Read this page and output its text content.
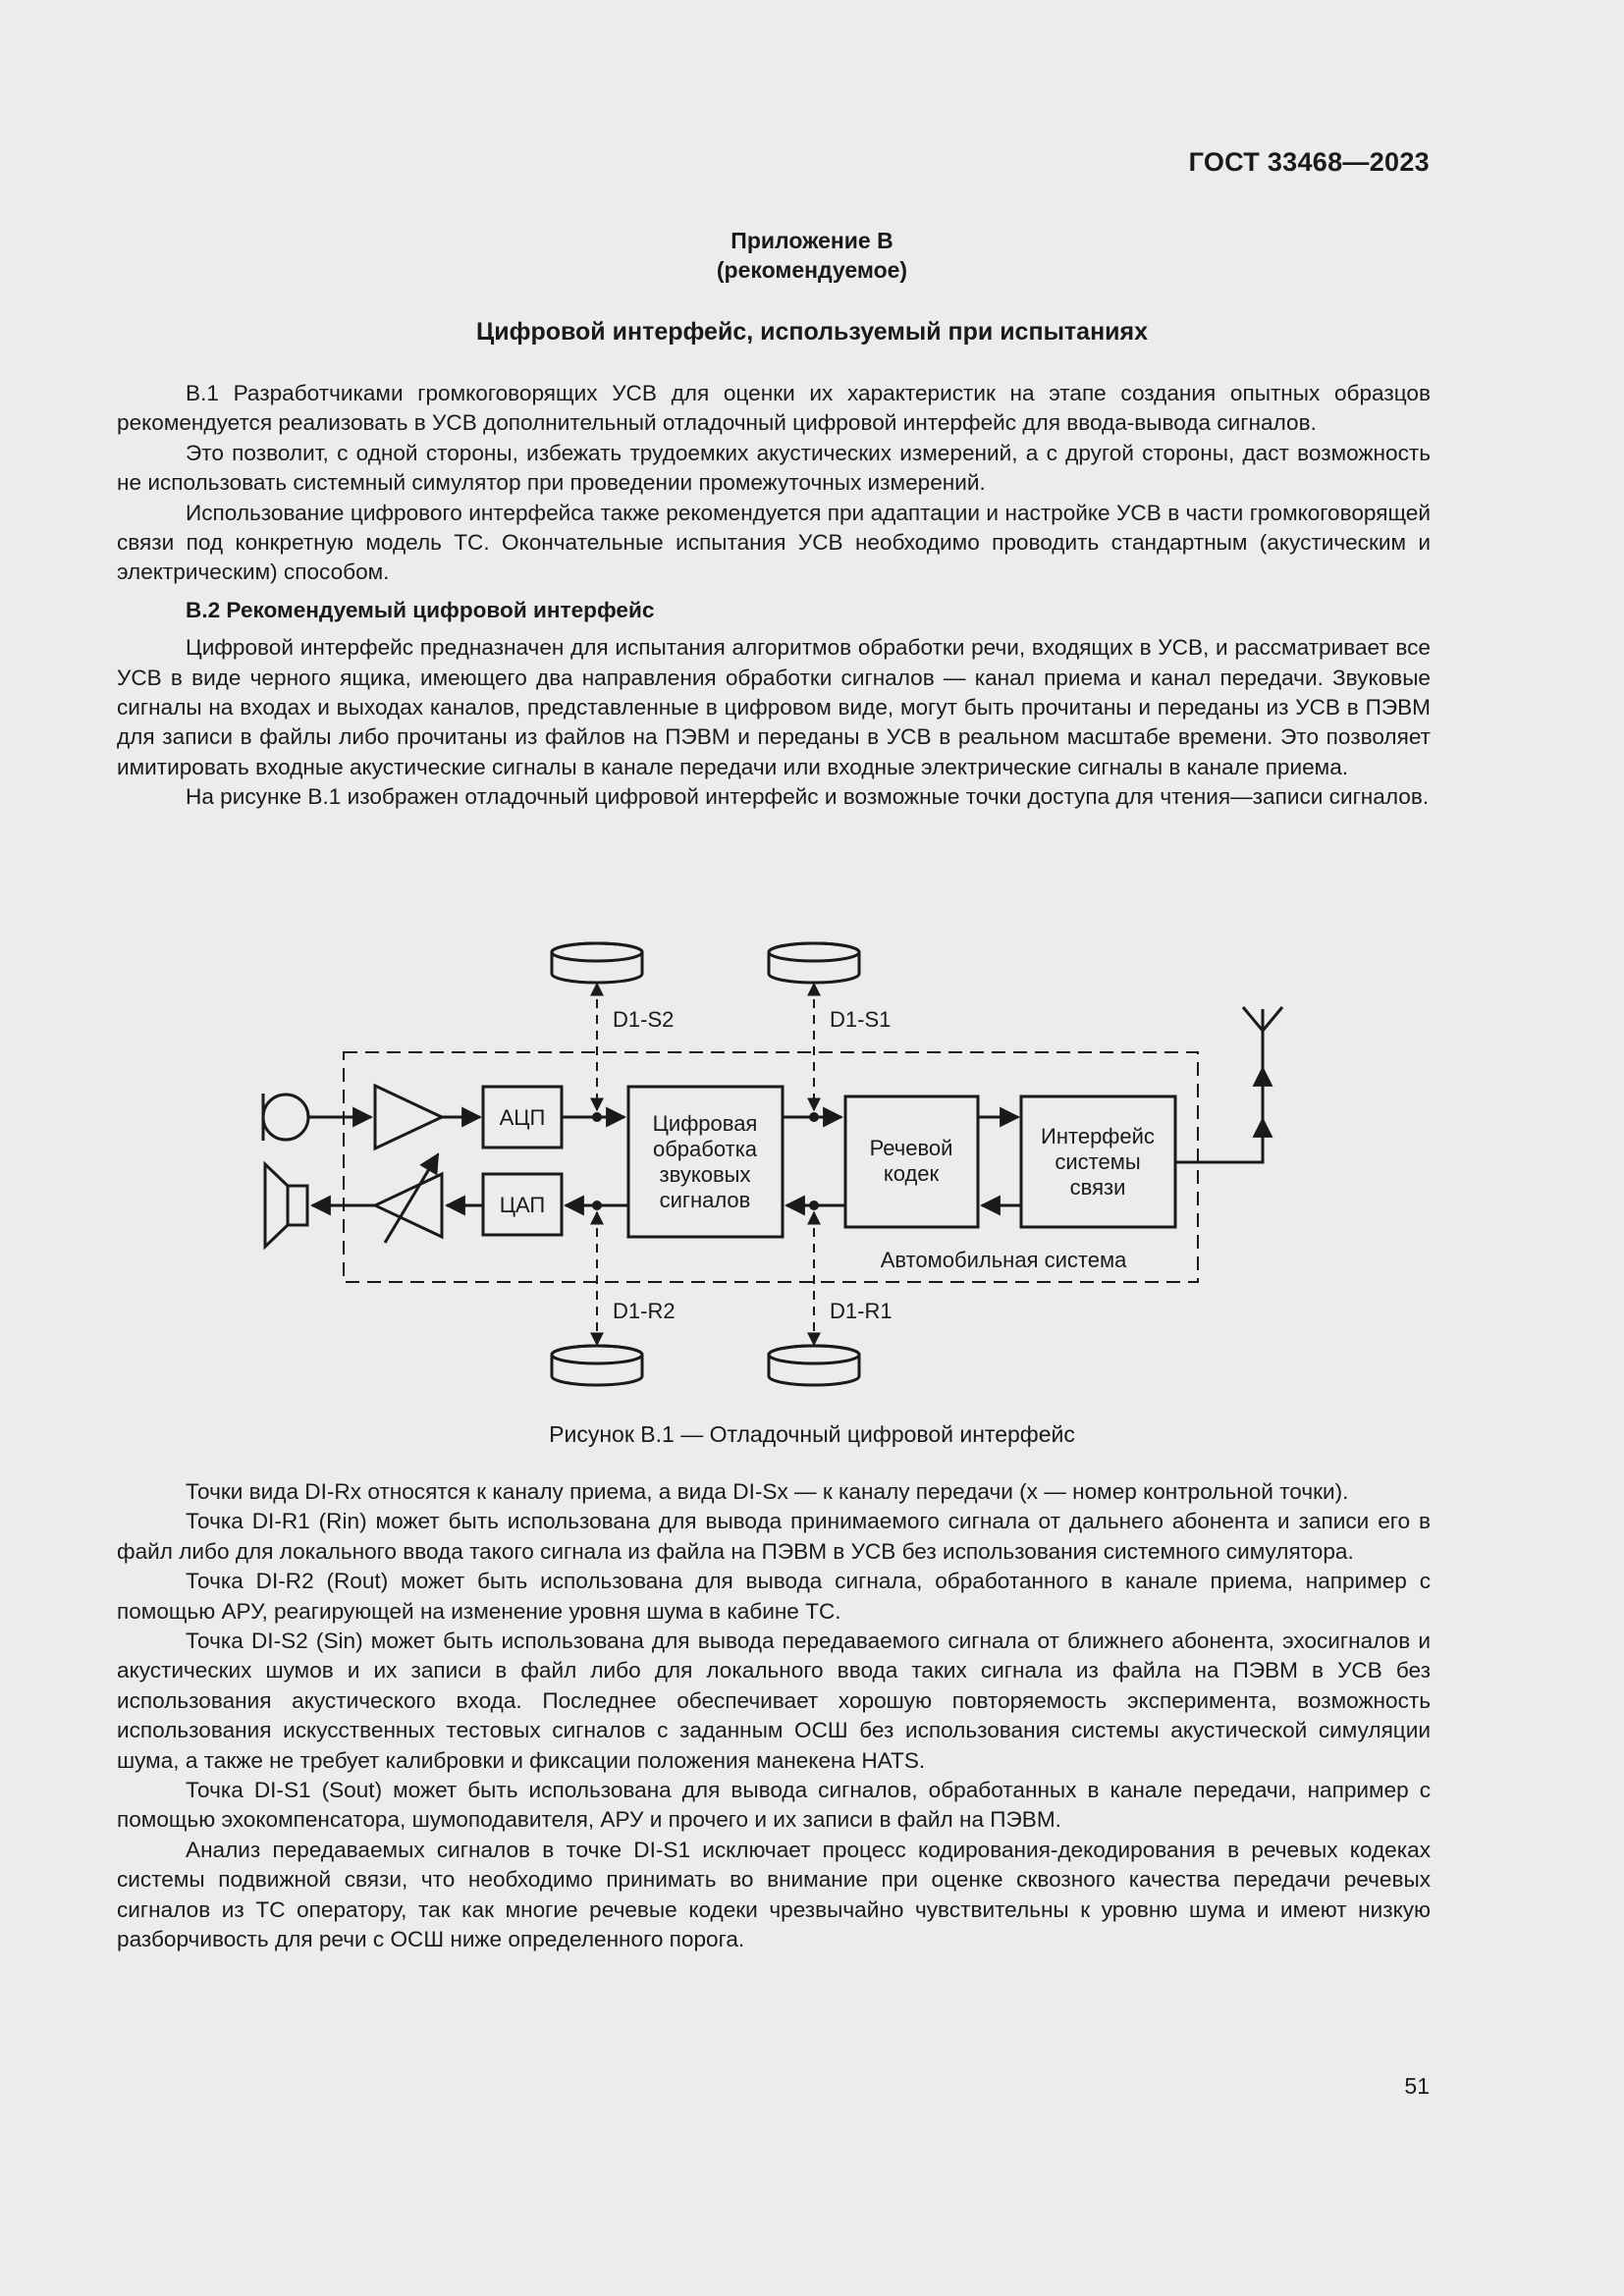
ГОСТ 33468—2023
Приложение В
(рекомендуемое)
Цифровой интерфейс, используемый при испытаниях

В.1 Разработчиками громкоговорящих УСВ для оценки их характеристик на этапе создания опытных образцов рекомендуется реализовать в УСВ дополнительный отладочный цифровой интерфейс для ввода-вывода сигналов.

Это позволит, с одной стороны, избежать трудоемких акустических измерений, а с другой стороны, даст возможность не использовать системный симулятор при проведении промежуточных измерений.

Использование цифрового интерфейса также рекомендуется при адаптации и настройке УСВ в части громкоговорящей связи под конкретную модель ТС. Окончательные испытания УСВ необходимо проводить стандартным (акустическим и электрическим) способом.

В.2 Рекомендуемый цифровой интерфейс

Цифровой интерфейс предназначен для испытания алгоритмов обработки речи, входящих в УСВ, и рассматривает все УСВ в виде черного ящика, имеющего два направления обработки сигналов — канал приема и канал передачи. Звуковые сигналы на входах и выходах каналов, представленные в цифровом виде, могут быть прочитаны и переданы из УСВ в ПЭВМ для записи в файлы либо прочитаны из файлов на ПЭВМ и переданы в УСВ в реальном масштабе времени. Это позволяет имитировать входные акустические сигналы в канале передачи или входные электрические сигналы в канале приема.

На рисунке В.1 изображен отладочный цифровой интерфейс и возможные точки доступа для чтения—записи сигналов.

АЦП
ЦАП
Цифровая
обработка
звуковых
сигналов
Речевой
кодек
Интерфейс
системы
связи
Автомобильная система
D1-S2	D1-S1
D1-R2	D1-R1
Рисунок В.1 — Отладочный цифровой интерфейс

Точки вида DI-Rx относятся к каналу приема, а вида DI-Sx — к каналу передачи (x — номер контрольной точки).

Точка DI-R1 (Rin) может быть использована для вывода принимаемого сигнала от дальнего абонента и записи его в файл либо для локального ввода такого сигнала из файла на ПЭВМ в УСВ без использования системного симулятора.

Точка DI-R2 (Rout) может быть использована для вывода сигнала, обработанного в канале приема, например с помощью АРУ, реагирующей на изменение уровня шума в кабине ТС.

Точка DI-S2 (Sin) может быть использована для вывода передаваемого сигнала от ближнего абонента, эхосигналов и акустических шумов и их записи в файл либо для локального ввода таких сигнала из файла на ПЭВМ в УСВ без использования акустического входа. Последнее обеспечивает хорошую повторяемость эксперимента, возможность использования искусственных тестовых сигналов с заданным ОСШ без использования системы акустической симуляции шума, а также не требует калибровки и фиксации положения манекена HATS.

Точка DI-S1 (Sout) может быть использована для вывода сигналов, обработанных в канале передачи, например с помощью эхокомпенсатора, шумоподавителя, АРУ и прочего и их записи в файл на ПЭВМ.

Анализ передаваемых сигналов в точке DI-S1 исключает процесс кодирования-декодирования в речевых кодеках системы подвижной связи, что необходимо принимать во внимание при оценке сквозного качества передачи речевых сигналов из ТС оператору, так как многие речевые кодеки чрезвычайно чувствительны к уровню шума и имеют низкую разборчивость для речи с ОСШ ниже определенного порога.

51
